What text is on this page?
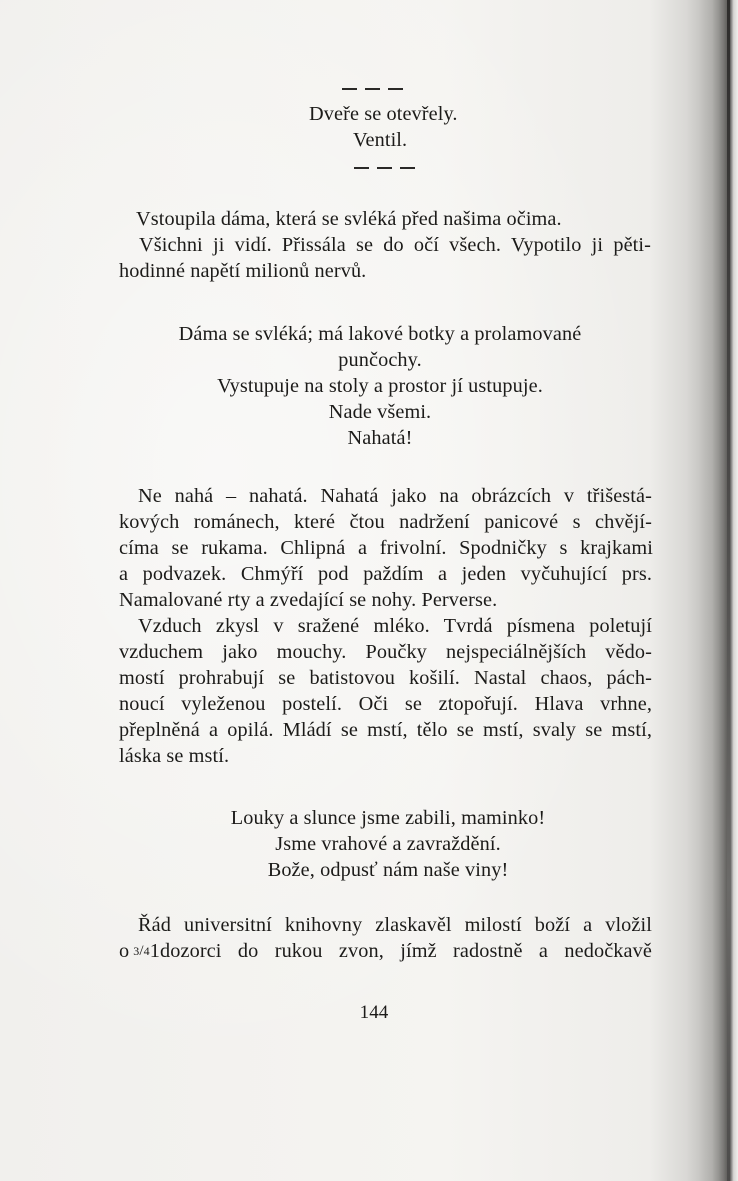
Dveře se otevřely.
Ventil.
Vstoupila dáma, která se svléká před našima očima.
Všichni ji vidí. Přissála se do očí všech. Vypotilo ji pěti-
hodinné napětí milionů nervů.
Dáma se svléká; má lakové botky a prolamované
punčochy.
Vystupuje na stoly a prostor jí ustupuje.
Nade všemi.
Nahatá!
Ne nahá – nahatá. Nahatá jako na obrázcích v třišestá-
kových románech, které čtou nadržení panicové s chvějí-
címa se rukama. Chlipná a frivolní. Spodničky s krajkami
a podvazek. Chmýří pod paždím a jeden vyčuhující prs.
Namalované rty a zvedající se nohy. Perverse.
Vzduch zkysl v sražené mléko. Tvrdá písmena poletují
vzduchem jako mouchy. Poučky nejspeciálnějších vědo-
mostí prohrabují se batistovou košilí. Nastal chaos, pách-
noucí vyleženou postelí. Oči se ztopořují. Hlava vrhne,
přeplněná a opilá. Mládí se mstí, tělo se mstí, svaly se mstí,
láska se mstí.
Louky a slunce jsme zabili, maminko!
Jsme vrahové a zavraždění.
Bože, odpusť nám naše viny!
Řád universitní knihovny zlaskavěl milostí boží a vložil
o 3 / 4 1 dozorci do rukou zvon, jímž radostně a nedočkavě
144
